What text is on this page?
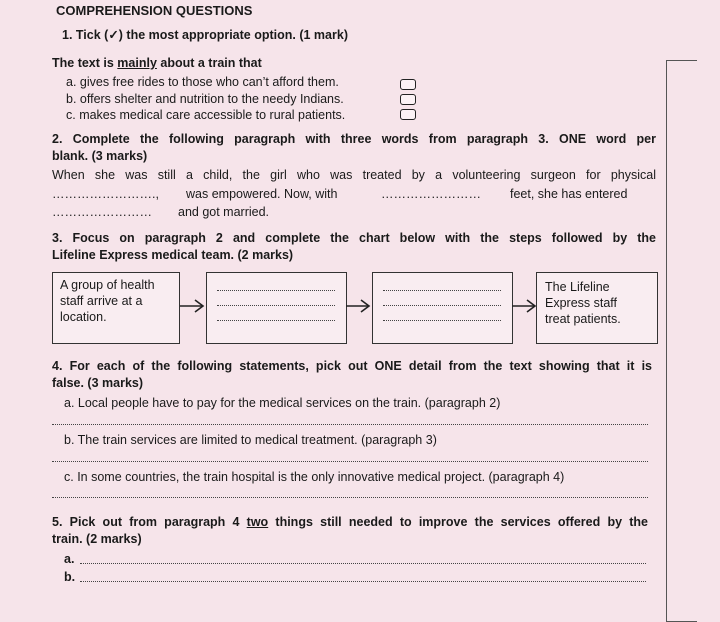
COMPREHENSION QUESTIONS
1. Tick (✓) the most appropriate option. (1 mark)
The text is mainly about a train that
a. gives free rides to those who can’t afford them.
b. offers shelter and nutrition to the needy Indians.
c. makes medical care accessible to rural patients.
2. Complete the following paragraph with three words from paragraph 3. ONE word per
blank. (3 marks)
When she was still a child, the girl who was treated by a volunteering surgeon for physical
……………………., was empowered. Now, with	…………………… feet, she has entered
…………………… and got married.
3. Focus on paragraph 2 and complete the chart below with the steps followed by the
Lifeline Express medical team. (2 marks)
A group of health
staff arrive at a
location.
The Lifeline
Express staff
treat patients.
4. For each of the following statements, pick out ONE detail from the text showing that it is
false. (3 marks)
a. Local people have to pay for the medical services on the train. (paragraph 2)
b. The train services are limited to medical treatment. (paragraph 3)
c. In some countries, the train hospital is the only innovative medical project. (paragraph 4)
5. Pick out from paragraph 4 two things still needed to improve the services offered by the
train. (2 marks)
a.
b.
